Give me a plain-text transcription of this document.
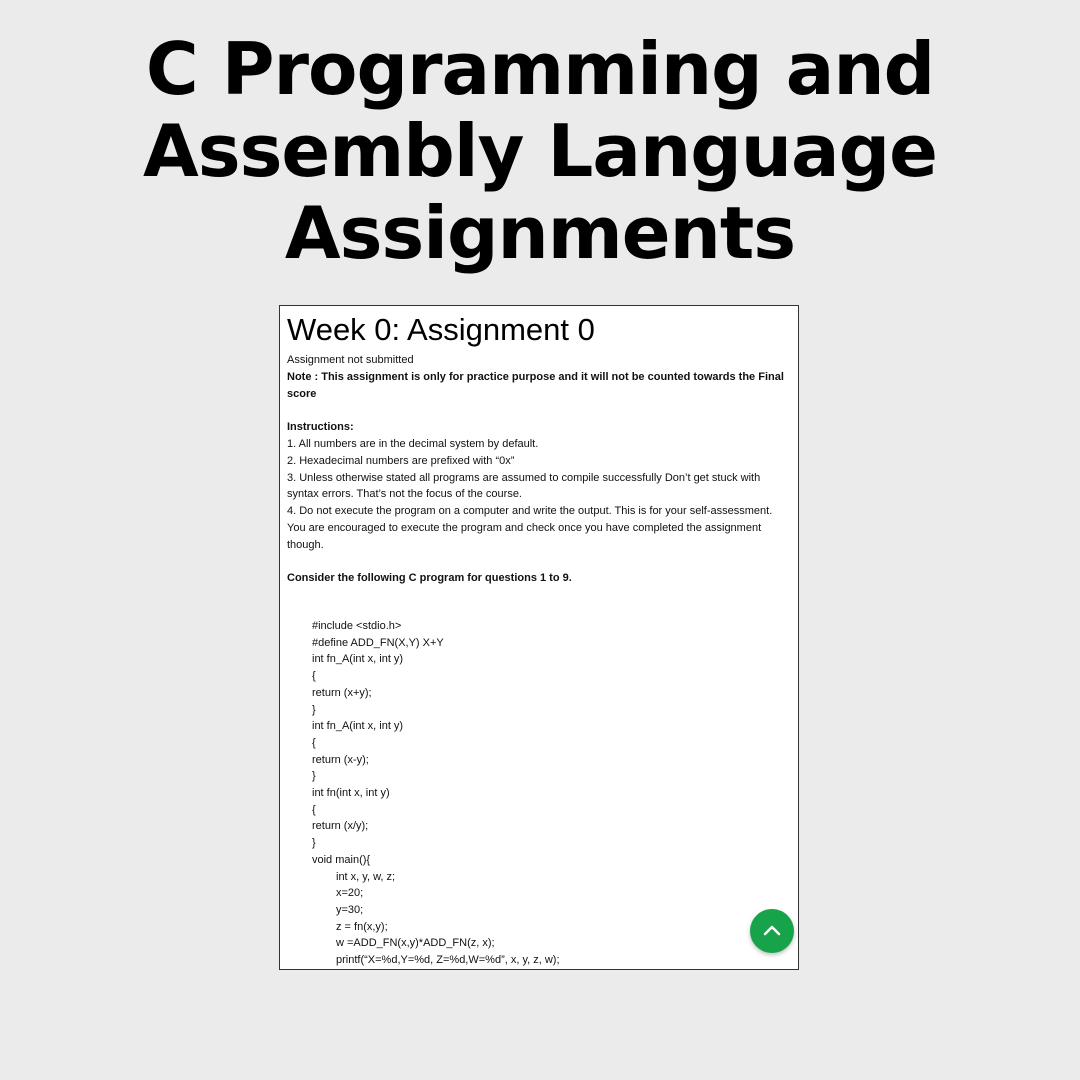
C Programming and
Assembly Language
Assignments
Week 0: Assignment 0

Assignment not submitted

Note : This assignment is only for practice purpose and it will not be counted towards the Final score

Instructions:

1. All numbers are in the decimal system by default.

2. Hexadecimal numbers are prefixed with “0x”

3. Unless otherwise stated all programs are assumed to compile successfully Don’t get stuck with syntax errors. That’s not the focus of the course.

4. Do not execute the program on a computer and write the output. This is for your self-assessment. You are encouraged to execute the program and check once you have completed the assignment though.

Consider the following C program for questions 1 to 9.

#include <stdio.h>
#define ADD_FN(X,Y) X+Y
int fn_A(int x, int y)
{
return (x+y);
}
int fn_A(int x, int y)
{
return (x-y);
}
int fn(int x, int y)
{
return (x/y);
}
void main(){
int x, y, w, z;
x=20;
y=30;
z = fn(x,y);
w =ADD_FN(x,y)*ADD_FN(z, x);
printf(“X=%d,Y=%d, Z=%d,W=%d”, x, y, z, w);
